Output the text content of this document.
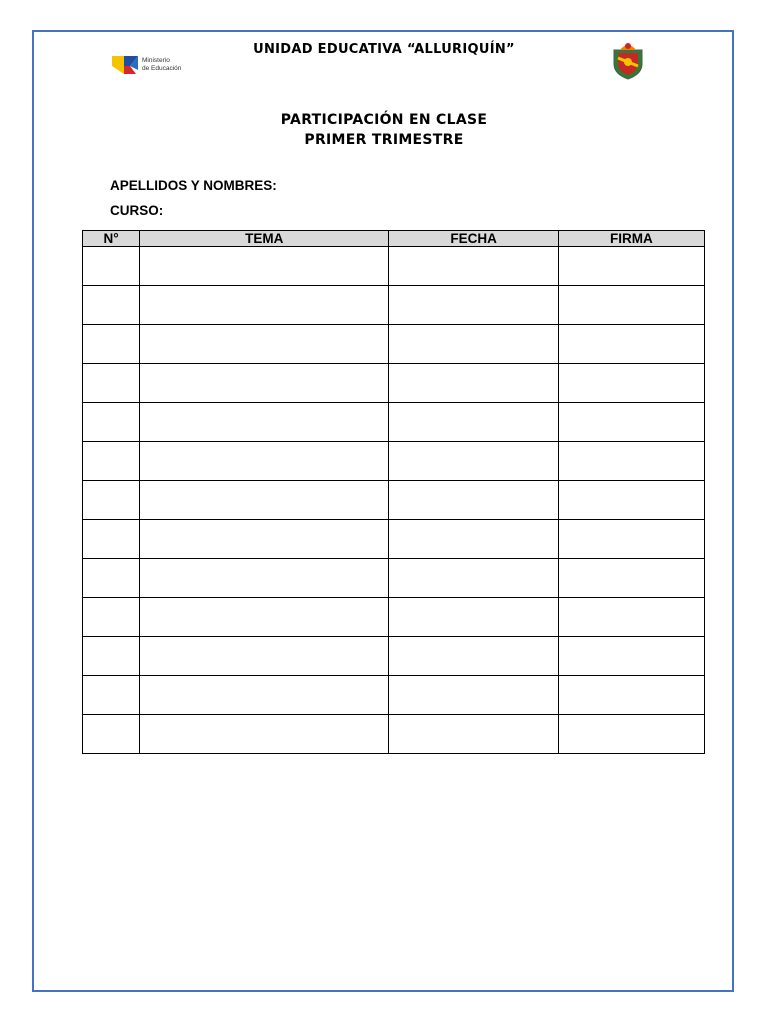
Ministerio
de Educación
UNIDAD EDUCATIVA “ALLURIQUÍN”
PARTICIPACIÓN EN CLASE
PRIMER TRIMESTRE
APELLIDOS Y NOMBRES:
CURSO:
N°	TEMA	FECHA	FIRMA
